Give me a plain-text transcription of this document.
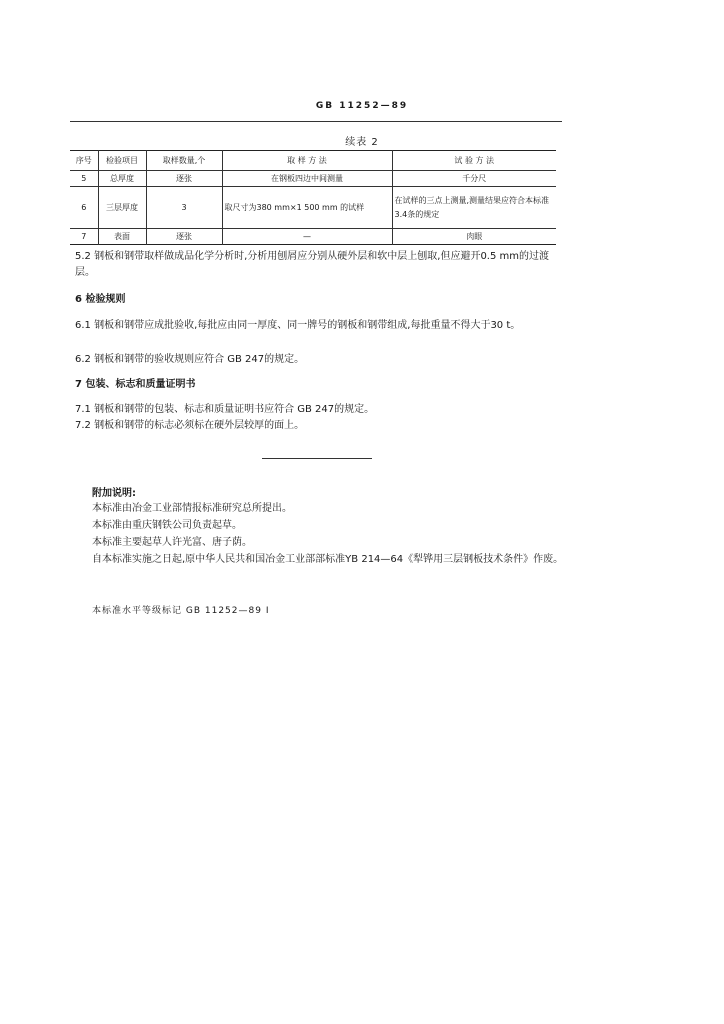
GB 11252—89
续表 2
序号	检验项目	取样数量,个	取 样 方 法	试 验 方 法
5	总厚度	逐张	在钢板四边中间测量	千分尺
6	三层厚度	3	取尺寸为380 mm×1 500 mm 的试样	在试样的三点上测量,测量结果应符合本标准3.4条的规定
7	表面	逐张	—	肉眼
5.2 钢板和钢带取样做成品化学分析时,分析用刨屑应分别从硬外层和软中层上刨取,但应避开0.5 mm的过渡层。
6 检验规则
6.1 钢板和钢带应成批验收,每批应由同一厚度、同一牌号的钢板和钢带组成,每批重量不得大于30 t。
6.2 钢板和钢带的验收规则应符合 GB 247的规定。
7 包装、标志和质量证明书
7.1 钢板和钢带的包装、标志和质量证明书应符合 GB 247的规定。
7.2 钢板和钢带的标志必须标在硬外层较厚的面上。
附加说明:
本标准由冶金工业部情报标准研究总所提出。
本标准由重庆钢铁公司负责起草。
本标准主要起草人许光富、唐子荫。
自本标准实施之日起,原中华人民共和国冶金工业部部标准YB 214—64《犁铧用三层钢板技术条件》作废。
本标准水平等级标记 GB 11252—89 I
